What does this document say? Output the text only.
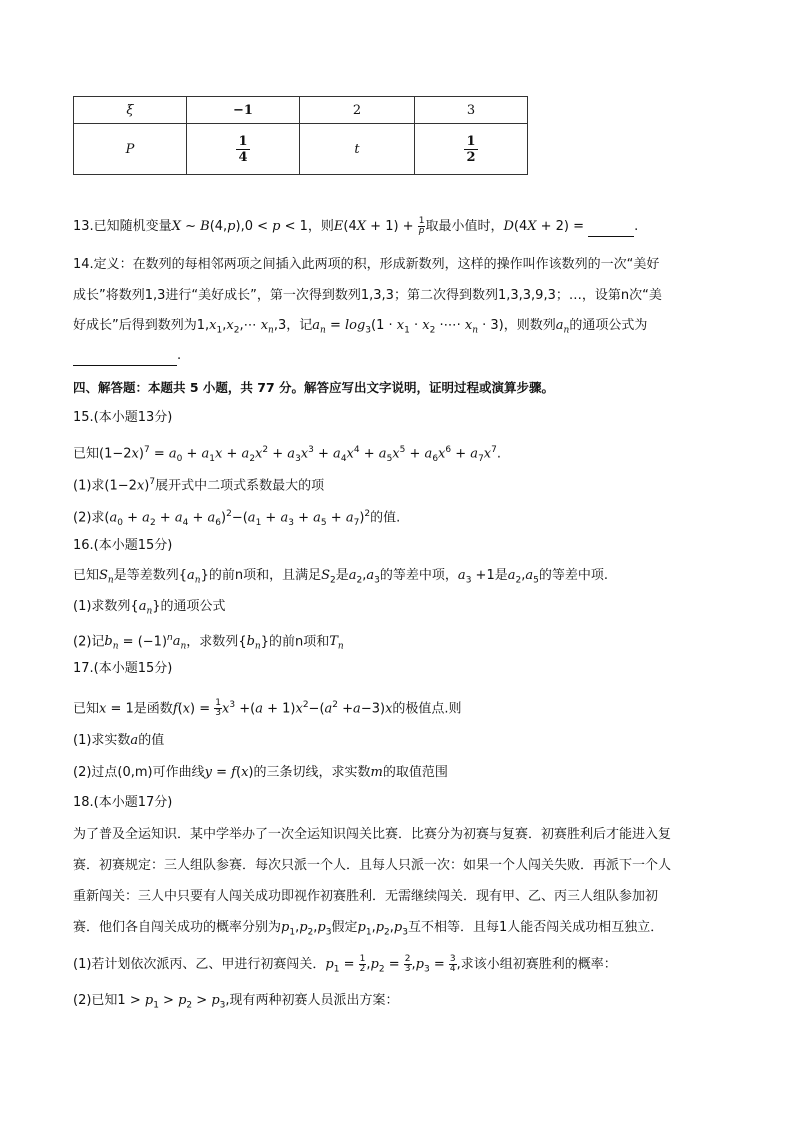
ξ	−1	2	3
P	$\frac{1}{4}$	t	$\frac{1}{2}$
13.已知随机变量X ~ B(4,p),0 < p < 1，则$E(4X + 1) + \frac{1}{p}$ 取最小值时，D(4X + 2) =	.
14.定义：在数列的每相邻两项之间插入此两项的积，形成新数列，这样的操作叫作该数列的一次“美好
成长”将数列1,3进行“美好成长”，第一次得到数列1,3,3；第二次得到数列1,3,3,9,3；…，设第n次“美
好成长”后得到数列为$1,x_1,x_2,\cdots$ $x_n,3$，记$a_n = \log_3(1 \cdot x_1 \cdot x_2$ ·⋯· $x_n \cdot 3$)，则数列$a_n$的通项公式为
.
四、解答题：本题共 5 小题，共 77 分。解答应写出文字说明，证明过程或演算步骤。
15.(本小题13分)
已知$(1-2x)^7 = a_0 + a_1x + a_2x^2 + a_3x^3 + a_4x^4 + a_5x^5 + a_6x^6 + a_7x^7$.
(1)求$(1-2x)^7$展开式中二项式系数最大的项
(2)求$(a_0 + a_2 + a_4 + a_6)^2-(a_1 + a_3 + a_5 + a_7)^2$的值.
16.(本小题15分)
已知$S_n$是等差数列$\{a_n\}$的前n项和，且满足$S_2$是$a_2,a_3$的等差中项，$a_3 +1$是$a_2,a_5$的等差中项.
(1)求数列$\{a_n\}$的通项公式
(2)记$b_n = (-1)^na_n$，求数列$\{b_n\}$的前n项和$T_n$
17.(本小题15分)
已知x = 1是函数$f(x) = \frac{1}{3} x^3 +(a + 1)x^2-(a^2 +a-3)x$的极值点.则
(1)求实数a的值
(2)过点(0,m)可作曲线y = f(x)的三条切线，求实数m的取值范围
18.(本小题17分)
为了普及全运知识．某中学举办了一次全运知识闯关比赛．比赛分为初赛与复赛．初赛胜利后才能进入复
赛．初赛规定：三人组队参赛．每次只派一个人．且每人只派一次：如果一个人闯关失败．再派下一个人
重新闯关：三人中只要有人闯关成功即视作初赛胜利．无需继续闯关．现有甲、乙、丙三人组队参加初
赛．他们各自闯关成功的概率分别为$p_1,p_2,p_3$假定$p_1,p_2,p_3$互不相等．且每1人能否闯关成功相互独立．
(1)若计划依次派丙、乙、甲进行初赛闯关．$p_1 = \frac{1}{2} ,p_2 = \frac{2}{3} ,p_3 = \frac{3}{4}$ ,求该小组初赛胜利的概率：
(2)已知$1 > p_1 > p_2 > p_3$,现有两种初赛人员派出方案：
